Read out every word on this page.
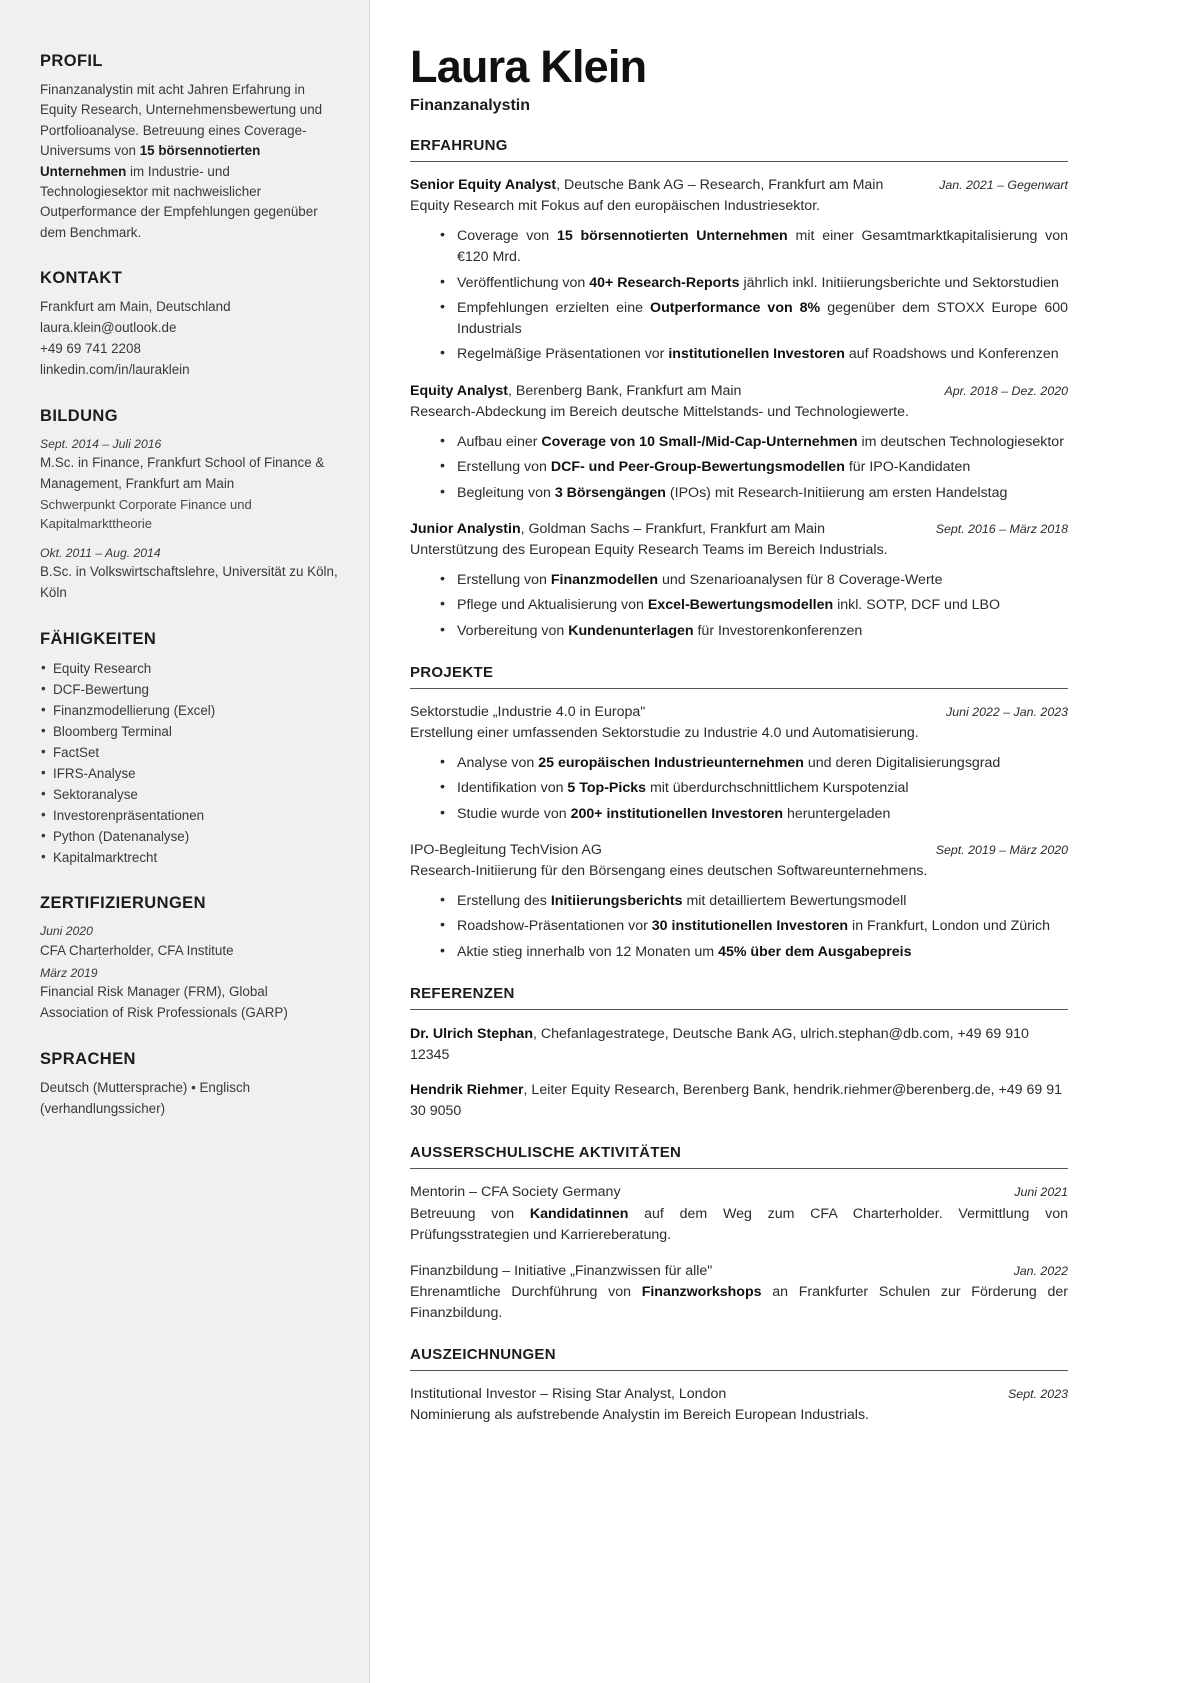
PROFIL

Finanzanalystin mit acht Jahren Erfahrung in Equity Research, Unternehmensbewertung und Portfolioanalyse. Betreuung eines Coverage-Universums von 15 börsennotierten Unternehmen im Industrie- und Technologiesektor mit nachweislicher Outperformance der Empfehlungen gegenüber dem Benchmark.

KONTAKT
Frankfurt am Main, Deutschland
laura.klein@outlook.de
+49 69 741 2208
linkedin.com/in/lauraklein
BILDUNG
Sept. 2014 – Juli 2016
M.Sc. in Finance, Frankfurt School of Finance & Management, Frankfurt am Main
Schwerpunkt Corporate Finance und Kapitalmarkttheorie
Okt. 2011 – Aug. 2014
B.Sc. in Volkswirtschaftslehre, Universität zu Köln, Köln
FÄHIGKEITEN
• Equity Research
• DCF-Bewertung
• Finanzmodellierung (Excel)
• Bloomberg Terminal
• FactSet
• IFRS-Analyse
• Sektoranalyse
• Investorenpräsentationen
• Python (Datenanalyse)
• Kapitalmarktrecht
ZERTIFIZIERUNGEN
Juni 2020
CFA Charterholder, CFA Institute
März 2019
Financial Risk Manager (FRM), Global Association of Risk Professionals (GARP)
SPRACHEN
Deutsch (Muttersprache) • Englisch (verhandlungssicher)
Laura Klein
Finanzanalystin
ERFAHRUNG
Senior Equity Analyst, Deutsche Bank AG – Research, Frankfurt am Main	Jan. 2021 – Gegenwart

Equity Research mit Fokus auf den europäischen Industriesektor.

• Coverage von 15 börsennotierten Unternehmen mit einer Gesamtmarktkapitalisierung von €120 Mrd.
• Veröffentlichung von 40+ Research-Reports jährlich inkl. Initiierungsberichte und Sektorstudien
• Empfehlungen erzielten eine Outperformance von 8% gegenüber dem STOXX Europe 600 Industrials
• Regelmäßige Präsentationen vor institutionellen Investoren auf Roadshows und Konferenzen
Equity Analyst, Berenberg Bank, Frankfurt am Main	Apr. 2018 – Dez. 2020

Research-Abdeckung im Bereich deutsche Mittelstands- und Technologiewerte.

• Aufbau einer Coverage von 10 Small-/Mid-Cap-Unternehmen im deutschen Technologiesektor
• Erstellung von DCF- und Peer-Group-Bewertungsmodellen für IPO-Kandidaten
• Begleitung von 3 Börsengängen (IPOs) mit Research-Initiierung am ersten Handelstag
Junior Analystin, Goldman Sachs – Frankfurt, Frankfurt am Main	Sept. 2016 – März 2018

Unterstützung des European Equity Research Teams im Bereich Industrials.

• Erstellung von Finanzmodellen und Szenarioanalysen für 8 Coverage-Werte
• Pflege und Aktualisierung von Excel-Bewertungsmodellen inkl. SOTP, DCF und LBO
• Vorbereitung von Kundenunterlagen für Investorenkonferenzen
PROJEKTE
Sektorstudie „Industrie 4.0 in Europa"	Juni 2022 – Jan. 2023

Erstellung einer umfassenden Sektorstudie zu Industrie 4.0 und Automatisierung.

• Analyse von 25 europäischen Industrieunternehmen und deren Digitalisierungsgrad
• Identifikation von 5 Top-Picks mit überdurchschnittlichem Kurspotenzial
• Studie wurde von 200+ institutionellen Investoren heruntergeladen
IPO-Begleitung TechVision AG	Sept. 2019 – März 2020

Research-Initiierung für den Börsengang eines deutschen Softwareunternehmens.

• Erstellung des Initiierungsberichts mit detailliertem Bewertungsmodell
• Roadshow-Präsentationen vor 30 institutionellen Investoren in Frankfurt, London und Zürich
• Aktie stieg innerhalb von 12 Monaten um 45% über dem Ausgabepreis
REFERENZEN

Dr. Ulrich Stephan, Chefanlagestratege, Deutsche Bank AG, ulrich.stephan@db.com, +49 69 910 12345

Hendrik Riehmer, Leiter Equity Research, Berenberg Bank, hendrik.riehmer@berenberg.de, +49 69 91 30 9050

AUSSERSCHULISCHE AKTIVITÄTEN
Mentorin – CFA Society Germany	Juni 2021

Betreuung von Kandidatinnen auf dem Weg zum CFA Charterholder. Vermittlung von Prüfungsstrategien und Karriereberatung.

Finanzbildung – Initiative „Finanzwissen für alle"	Jan. 2022

Ehrenamtliche Durchführung von Finanzworkshops an Frankfurter Schulen zur Förderung der Finanzbildung.

AUSZEICHNUNGEN
Institutional Investor – Rising Star Analyst, London	Sept. 2023

Nominierung als aufstrebende Analystin im Bereich European Industrials.
